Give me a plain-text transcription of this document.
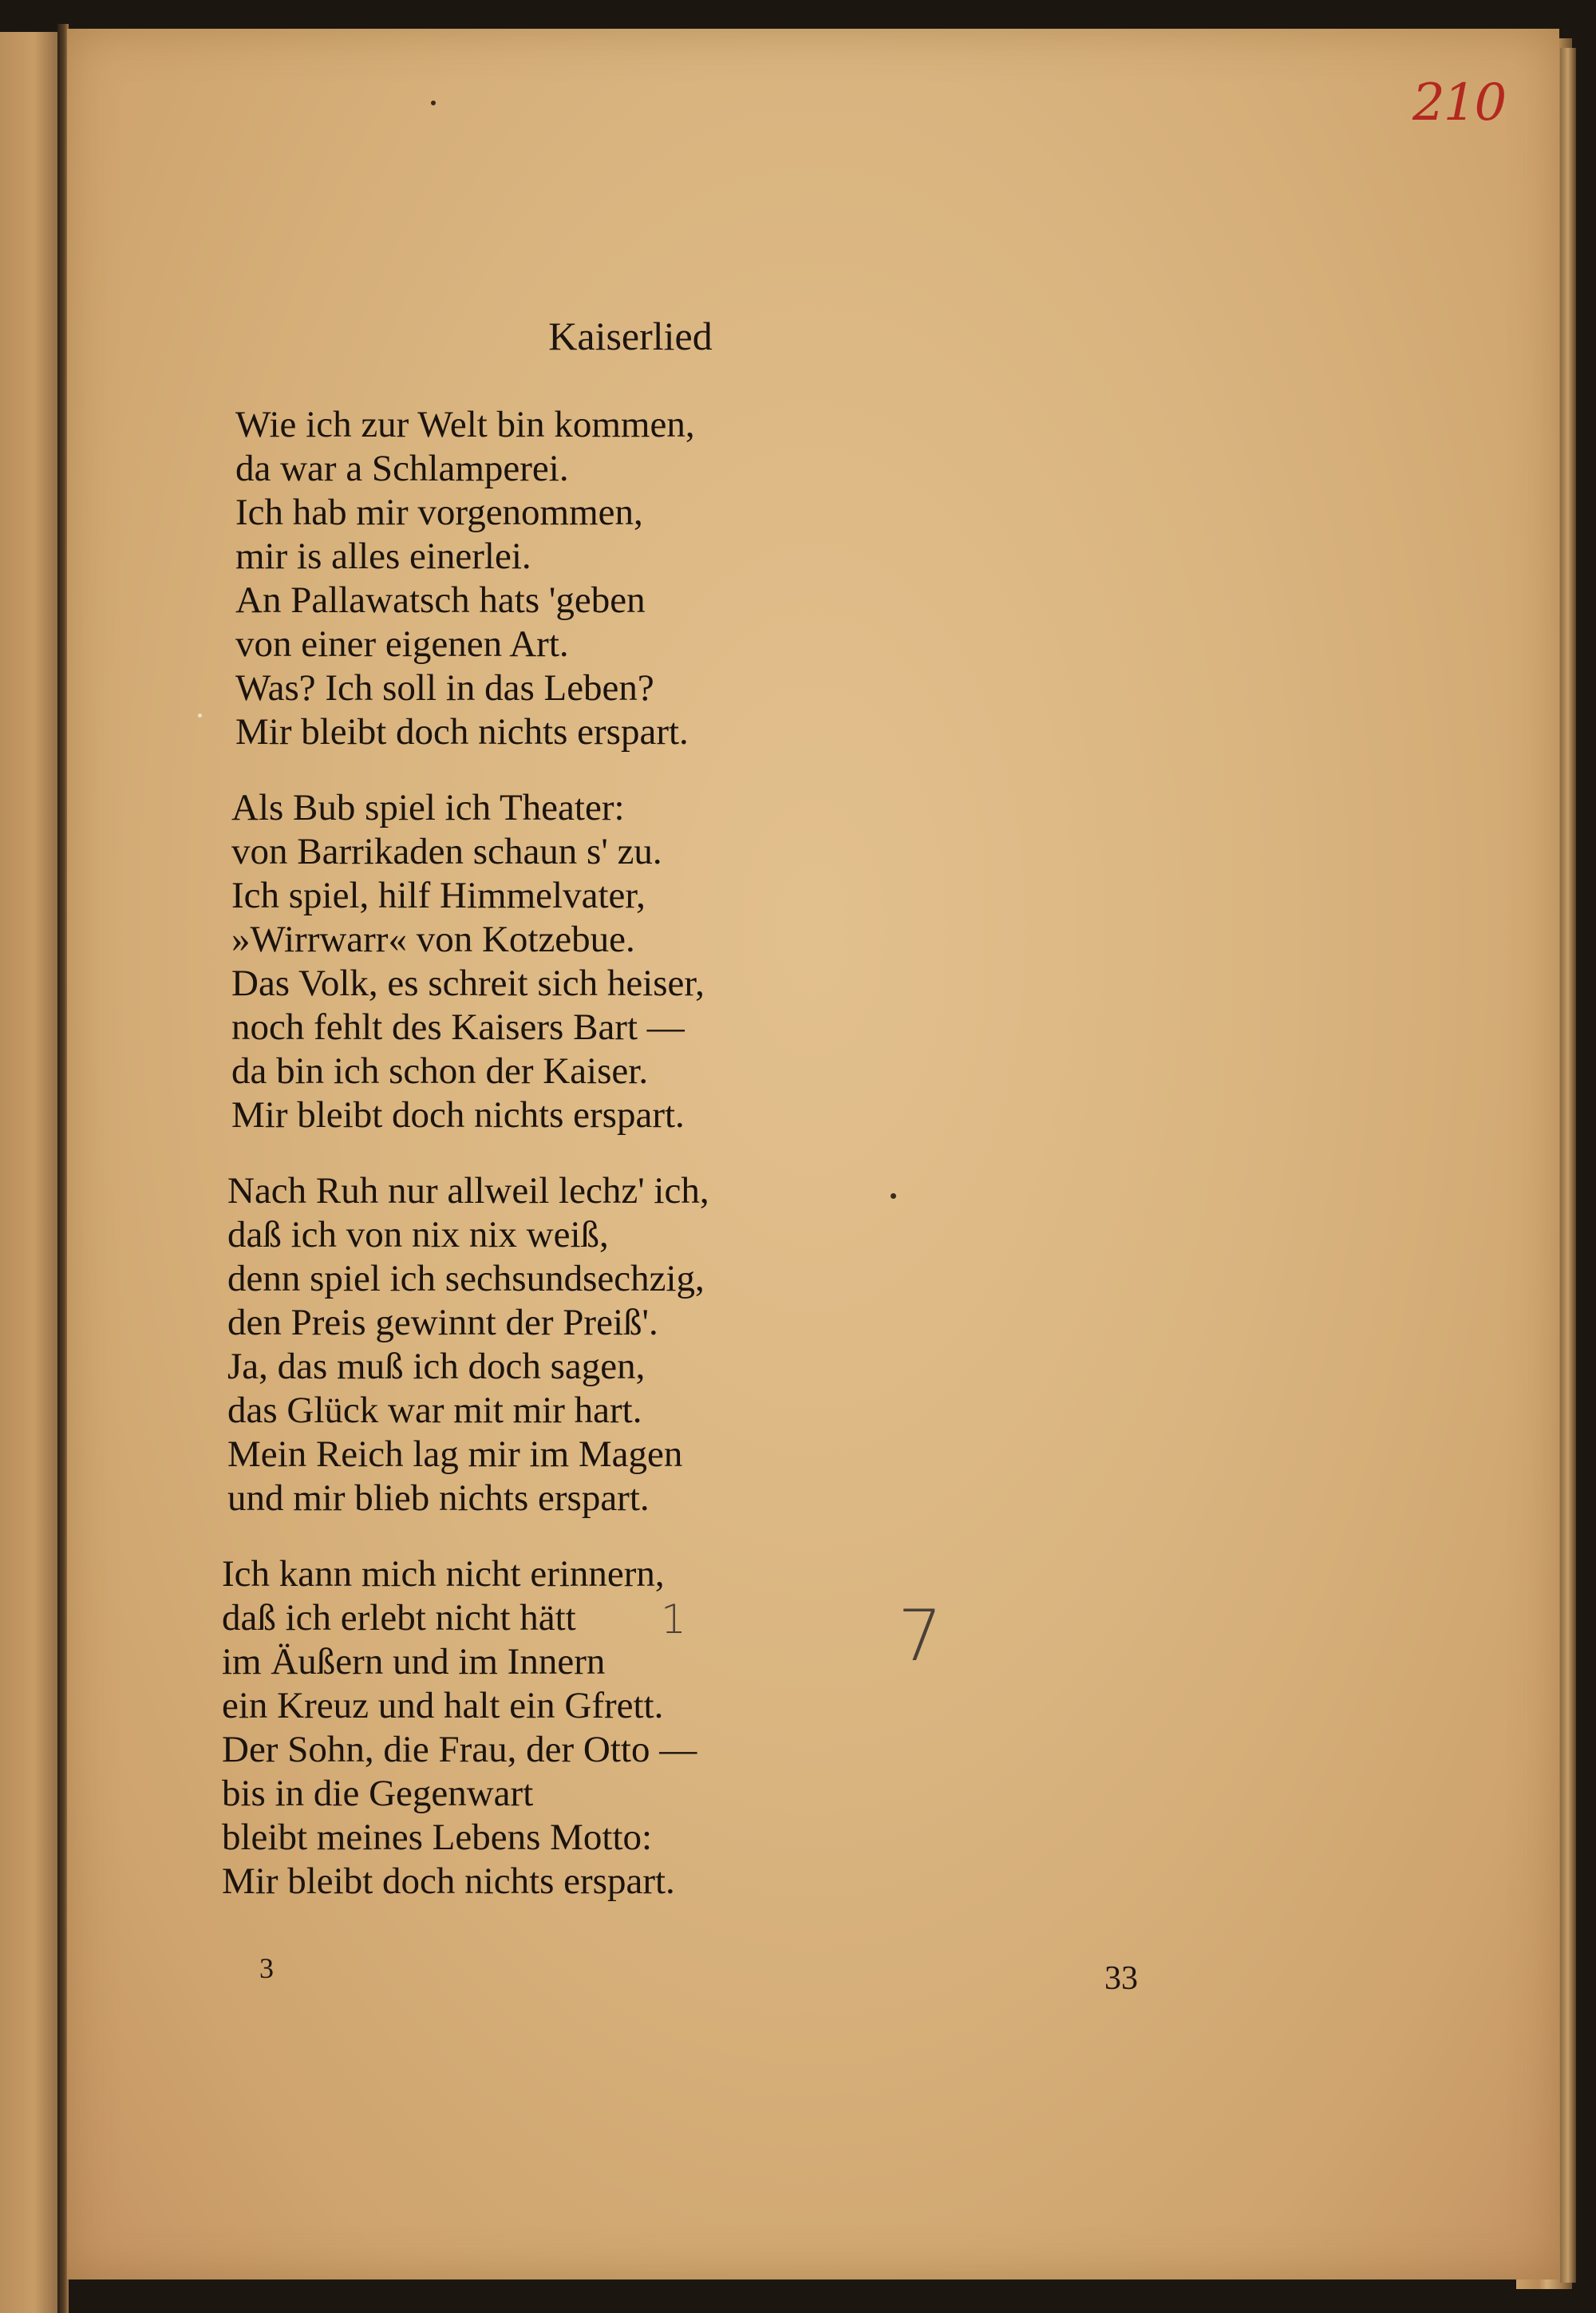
210
Kaiserlied
Wie ich zur Welt bin kommen,
da war a Schlamperei.
Ich hab mir vorgenommen,
mir is alles einerlei.
An Pallawatsch hats 'geben
von einer eigenen Art.
Was? Ich soll in das Leben?
Mir bleibt doch nichts erspart.
Als Bub spiel ich Theater:
von Barrikaden schaun s' zu.
Ich spiel, hilf Himmelvater,
»Wirrwarr« von Kotzebue.
Das Volk, es schreit sich heiser,
noch fehlt des Kaisers Bart —
da bin ich schon der Kaiser.
Mir bleibt doch nichts erspart.
Nach Ruh nur allweil lechz' ich,
daß ich von nix nix weiß,
denn spiel ich sechsundsechzig,
den Preis gewinnt der Preiß'.
Ja, das muß ich doch sagen,
das Glück war mit mir hart.
Mein Reich lag mir im Magen
und mir blieb nichts erspart.
Ich kann mich nicht erinnern,
daß ich erlebt nicht hätt
im Äußern und im Innern
ein Kreuz und halt ein Gfrett.
Der Sohn, die Frau, der Otto —
bis in die Gegenwart
bleibt meines Lebens Motto:
Mir bleibt doch nichts erspart.
1	7
3	33
